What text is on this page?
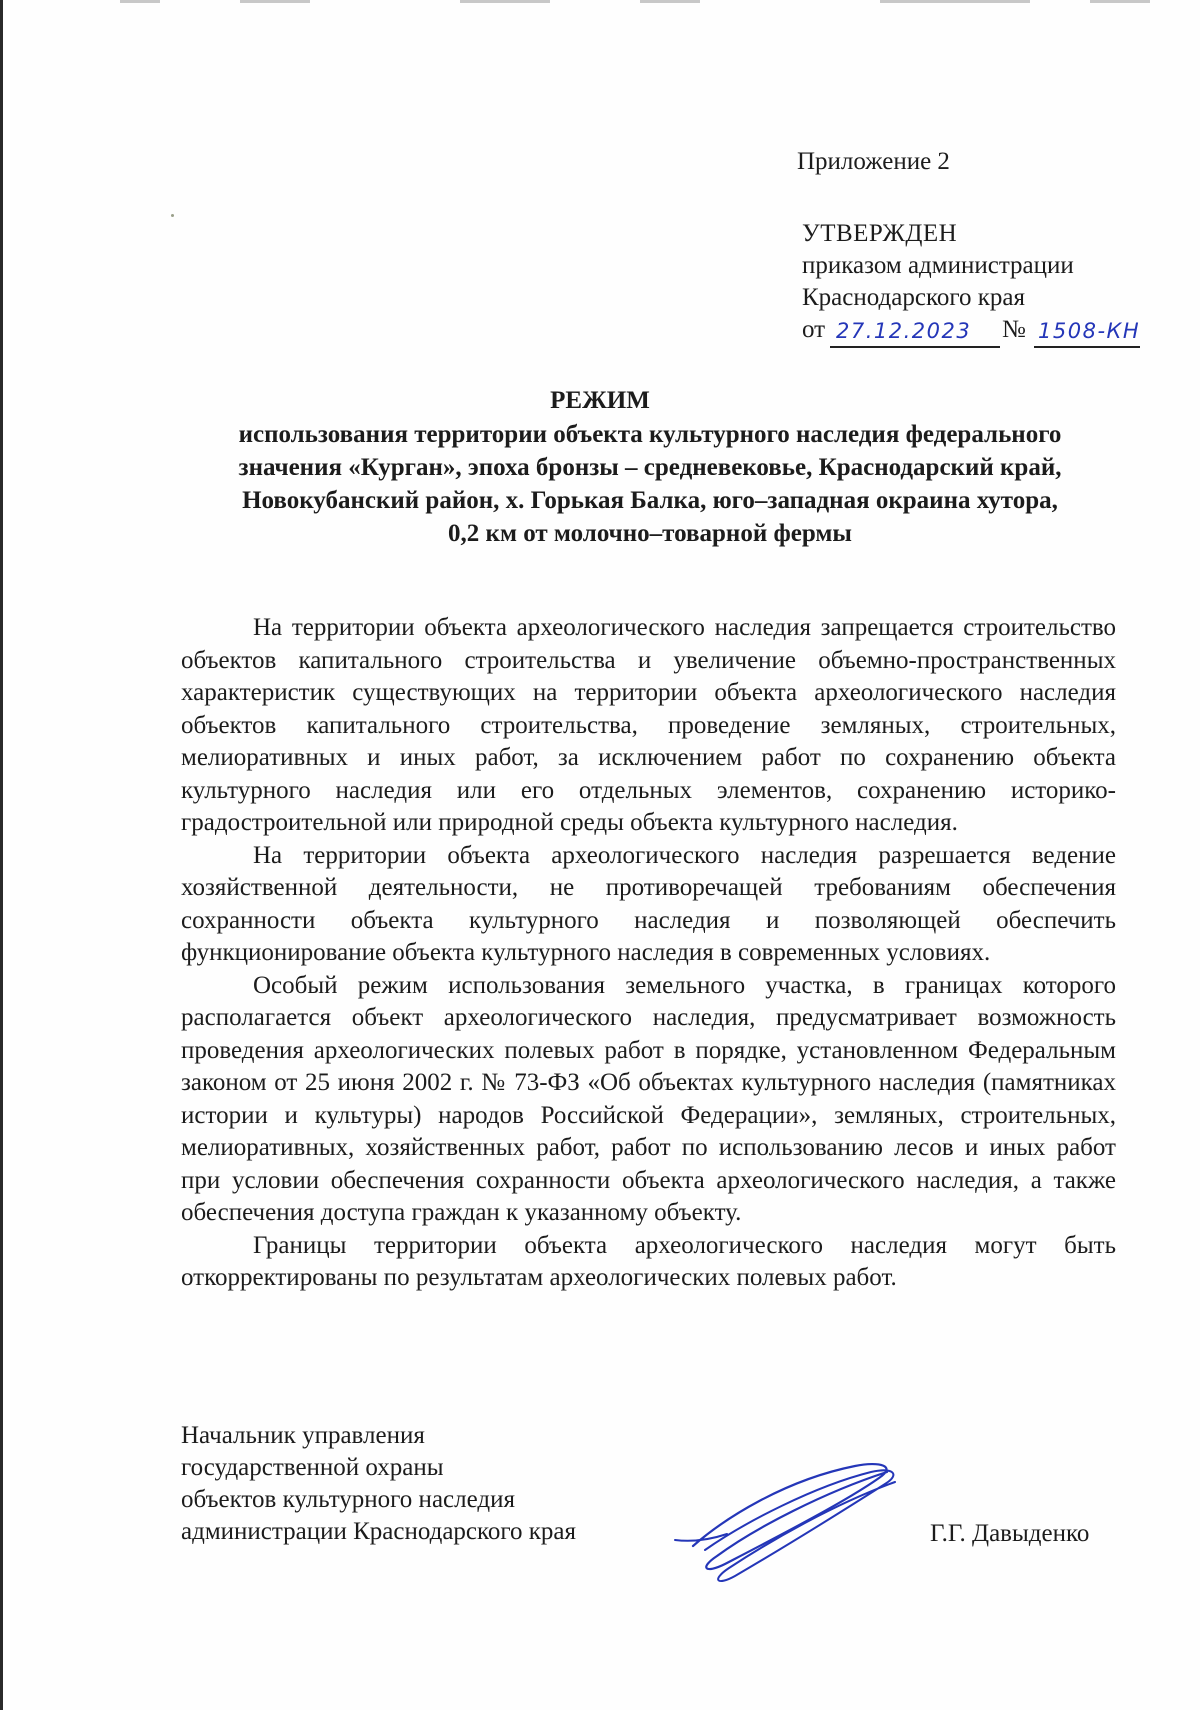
Приложение 2
УТВЕРЖДЕН
приказом администрации
Краснодарского края
от 27.12.2023 № 1508-КН
РЕЖИМ
использования территории объекта культурного наследия федерального
значения «Курган», эпоха бронзы – средневековье, Краснодарский край,
Новокубанский район, х. Горькая Балка, юго–западная окраина хутора,
0,2 км от молочно–товарной фермы

На территории объекта археологического наследия запрещается строительство объектов капитального строительства и увеличение объемно-пространственных характеристик существующих на территории объекта археологического наследия объектов капитального строительства, проведение земляных, строительных, мелиоративных и иных работ, за исключением работ по сохранению объекта культурного наследия или его отдельных элементов, сохранению историко-градостроительной или природной среды объекта культурного наследия.

На территории объекта археологического наследия разрешается ведение хозяйственной деятельности, не противоречащей требованиям обеспечения сохранности объекта культурного наследия и позволяющей обеспечить функционирование объекта культурного наследия в современных условиях.

Особый режим использования земельного участка, в границах которого располагается объект археологического наследия, предусматривает возможность проведения археологических полевых работ в порядке, установленном Федеральным законом от 25 июня 2002 г. № 73-ФЗ «Об объектах культурного наследия (памятниках истории и культуры) народов Российской Федерации», земляных, строительных, мелиоративных, хозяйственных работ, работ по использованию лесов и иных работ при условии обеспечения сохранности объекта археологического наследия, а также обеспечения доступа граждан к указанному объекту.

Границы территории объекта археологического наследия могут быть откорректированы по результатам археологических полевых работ.

Начальник управления
государственной охраны
объектов культурного наследия
администрации Краснодарского края	Г.Г. Давыденко
